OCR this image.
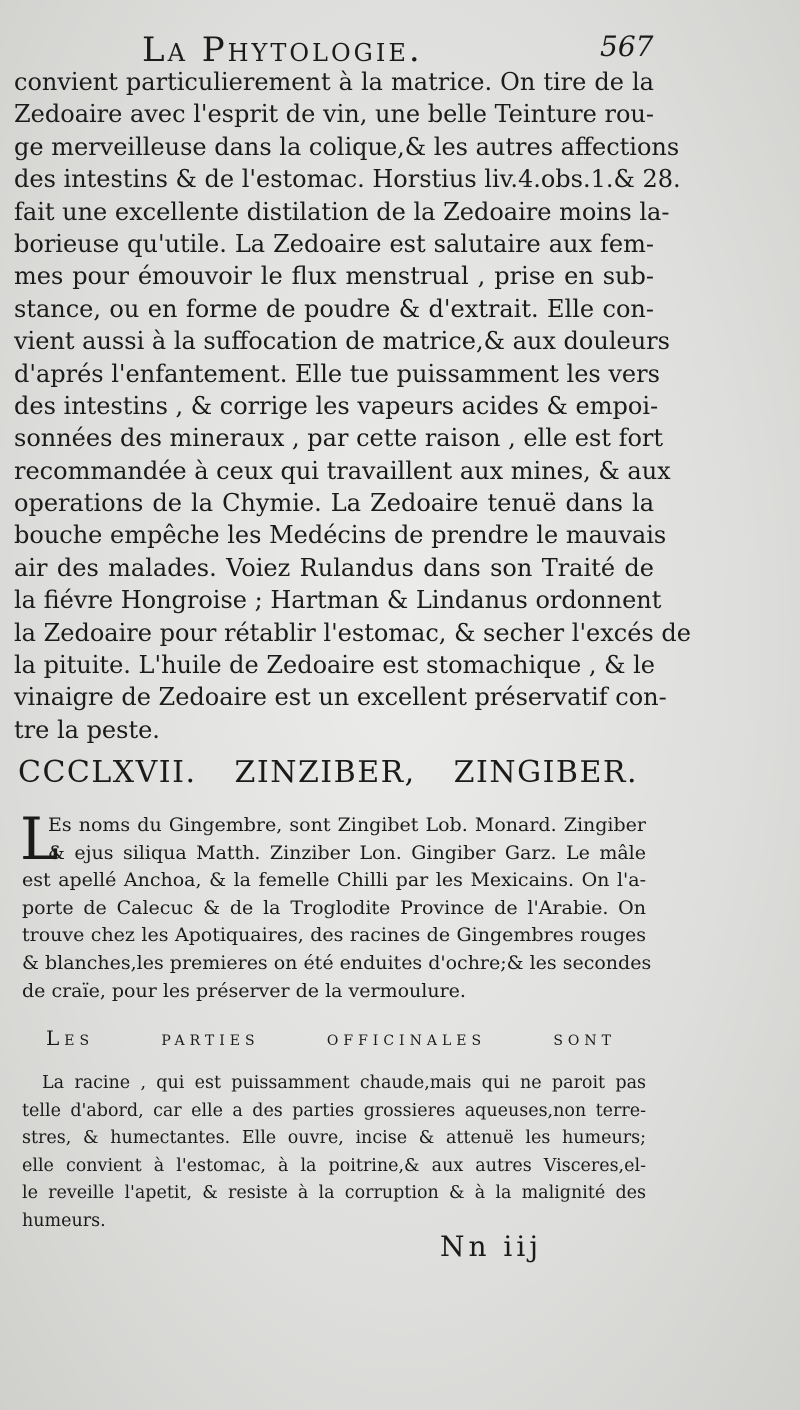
La Phytologie.	567
convient particulierement à la matrice. On tire de la
Zedoaire avec l'esprit de vin, une belle Teinture rou-
ge merveilleuse dans la colique,& les autres affections
des intestins & de l'estomac. Horstius liv.4.obs.1.& 28.
fait une excellente distilation de la Zedoaire moins la-
borieuse qu'utile. La Zedoaire est salutaire aux fem-
mes pour émouvoir le flux menstrual , prise en sub-
stance, ou en forme de poudre & d'extrait. Elle con-
vient aussi à la suffocation de matrice,& aux douleurs
d'aprés l'enfantement. Elle tue puissamment les vers
des intestins , & corrige les vapeurs acides & empoi-
sonnées des mineraux , par cette raison , elle est fort
recommandée à ceux qui travaillent aux mines, & aux
operations de la Chymie. La Zedoaire tenuë dans la
bouche empêche les Medécins de prendre le mauvais
air des malades. Voiez Rulandus dans son Traité de
la fiévre Hongroise ; Hartman & Lindanus ordonnent
la Zedoaire pour rétablir l'estomac, & secher l'excés de
la pituite. L'huile de Zedoaire est stomachique , & le
vinaigre de Zedoaire est un excellent préservatif con-
tre la peste.
CCCLXVII. ZINZIBER, ZINGIBER.
L
Es noms du Gingembre, sont Zingibet Lob. Monard. Zingiber
& ejus siliqua Matth. Zinziber Lon. Gingiber Garz. Le mâle
est apellé Anchoa, & la femelle Chilli par les Mexicains. On l'a-
porte de Calecuc & de la Troglodite Province de l'Arabie. On
trouve chez les Apotiquaires, des racines de Gingembres rouges
& blanches,les premieres on été enduites d'ochre;& les secondes
de craïe, pour les préserver de la vermoulure.
Les parties officinales sont
La racine , qui est puissamment chaude,mais qui ne paroit pas
telle d'abord, car elle a des parties grossieres aqueuses,non terre-
stres, & humectantes. Elle ouvre, incise & attenuë les humeurs;
elle convient à l'estomac, à la poitrine,& aux autres Visceres,el-
le reveille l'apetit, & resiste à la corruption & à la malignité des
humeurs.
Nn iij
